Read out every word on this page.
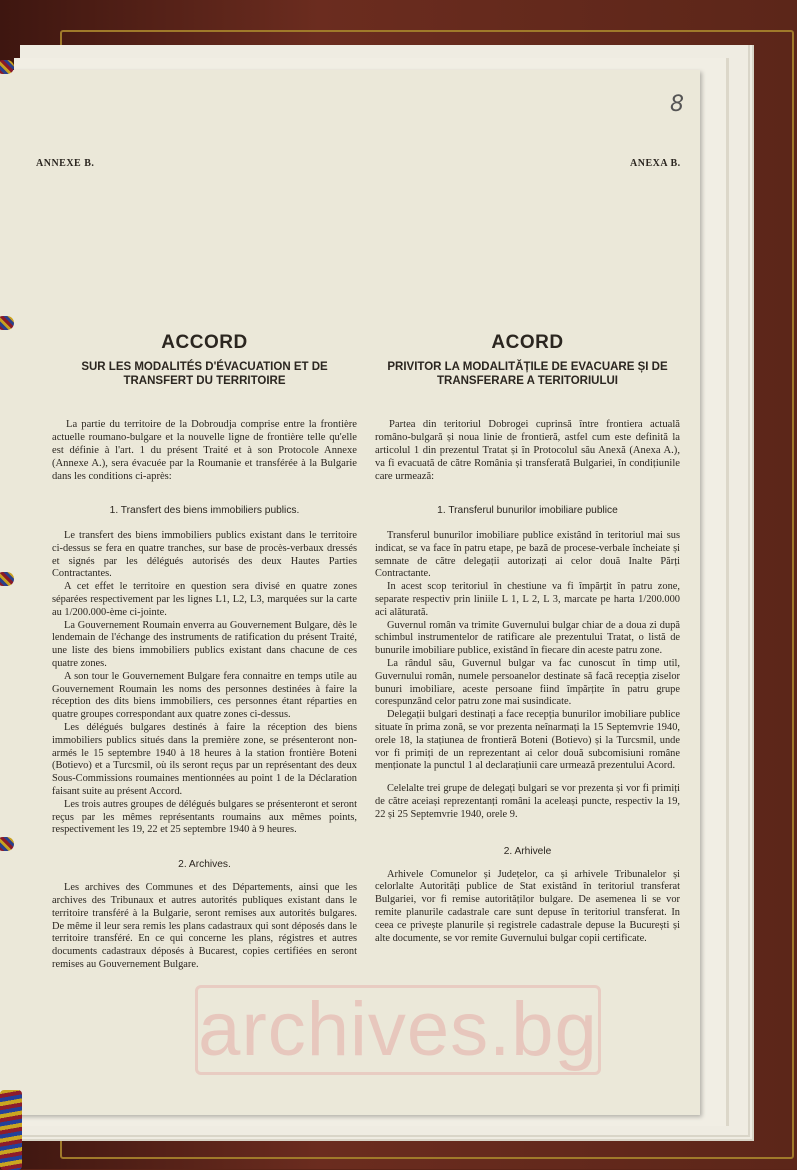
8
ANNEXE B.	ANEXA B.
ACCORD

SUR LES MODALITÉS D'ÉVACUATION ET DE TRANSFERT DU TERRITOIRE

La partie du territoire de la Dobroudja comprise entre la frontière actuelle roumano-bulgare et la nouvelle ligne de frontière telle qu'elle est définie à l'art. 1 du présent Traité et à son Protocole Annexe (Annexe A.), sera évacuée par la Roumanie et transférée à la Bulgarie dans les conditions ci-après:

1. Transfert des biens immobiliers publics.

Le transfert des biens immobiliers publics existant dans le territoire ci-dessus se fera en quatre tranches, sur base de procès-verbaux dressés et signés par les délégués autorisés des deux Hautes Parties Contractantes.

A cet effet le territoire en question sera divisé en quatre zones séparées respectivement par les lignes L1, L2, L3, marquées sur la carte au 1/200.000-ème ci-jointe.

La Gouvernement Roumain enverra au Gouvernement Bulgare, dès le lendemain de l'échange des instruments de ratification du présent Traité, une liste des biens immobiliers publics existant dans chacune de ces quatre zones.

A son tour le Gouvernement Bulgare fera connaitre en temps utile au Gouvernement Roumain les noms des personnes destinées à faire la réception des dits biens immobiliers, ces personnes étant réparties en quatre groupes correspondant aux quatre zones ci-dessus.

Les délégués bulgares destinés à faire la réception des biens immobiliers publics situés dans la première zone, se présenteront non-armés le 15 septembre 1940 à 18 heures à la station frontière Boteni (Botievo) et a Turcsmil, où ils seront reçus par un représentant des deux Sous-Commissions roumaines mentionnées au point 1 de la Déclaration faisant suite au présent Accord.

Les trois autres groupes de délégués bulgares se présenteront et seront reçus par les mêmes représentants roumains aux mêmes points, respectivement les 19, 22 et 25 septembre 1940 à 9 heures.

2. Archives.

Les archives des Communes et des Départements, ainsi que les archives des Tribunaux et autres autorités publiques existant dans le territoire transféré à la Bulgarie, seront remises aux autorités bulgares. De même il leur sera remis les plans cadastraux qui sont déposés dans le territoire transféré. En ce qui concerne les plans, régistres et autres documents cadastraux déposés à Bucarest, copies certifiées en seront remises au Gouvernement Bulgare.

ACORD

PRIVITOR LA MODALITĂȚILE DE EVACUARE ȘI DE TRANSFERARE A TERITORIULUI

Partea din teritoriul Dobrogei cuprinsă între frontiera actuală româno-bulgară și noua linie de frontieră, astfel cum este definită la articolul 1 din prezentul Tratat și în Protocolul său Anexă (Anexa A.), va fi evacuată de către România și transferată Bulgariei, în condițiunile care urmează:

1. Transferul bunurilor imobiliare publice

Transferul bunurilor imobiliare publice existând în teritoriul mai sus indicat, se va face în patru etape, pe bază de procese-verbale încheiate și semnate de către delegații autorizați ai celor două Inalte Părți Contractante.

In acest scop teritoriul în chestiune va fi împărțit în patru zone, separate respectiv prin liniile L 1, L 2, L 3, marcate pe harta 1/200.000 aci alăturată.

Guvernul român va trimite Guvernului bulgar chiar de a doua zi după schimbul instrumentelor de ratificare ale prezentului Tratat, o listă de bunurile imobiliare publice, existând în fiecare din aceste patru zone.

La rândul său, Guvernul bulgar va fac cunoscut în timp util, Guvernului român, numele persoanelor destinate să facă recepția ziselor bunuri imobiliare, aceste persoane fiind împărțite în patru grupe corespunzând celor patru zone mai susindicate.

Delegații bulgari destinați a face recepția bunurilor imobiliare publice situate în prima zonă, se vor prezenta neînarmați la 15 Septemvrie 1940, orele 18, la stațiunea de frontieră Boteni (Botievo) și la Turcsmil, unde vor fi primiți de un reprezentant ai celor două subcomisiuni române menționate la punctul 1 al declarațiunii care urmează prezentului Acord.

Celelalte trei grupe de delegați bulgari se vor prezenta și vor fi primiți de către aceiași reprezentanți români la aceleași puncte, respectiv la 19, 22 și 25 Septemvrie 1940, orele 9.

2. Arhivele

Arhivele Comunelor și Județelor, ca și arhivele Tribunalelor și celorlalte Autorități publice de Stat existând în teritoriul transferat Bulgariei, vor fi remise autorităților bulgare. De asemenea li se vor remite planurile cadastrale care sunt depuse în teritoriul transferat. In ceea ce privește planurile și registrele cadastrale depuse la București și alte documente, se vor remite Guvernului bulgar copii certificate.

archives.bg
